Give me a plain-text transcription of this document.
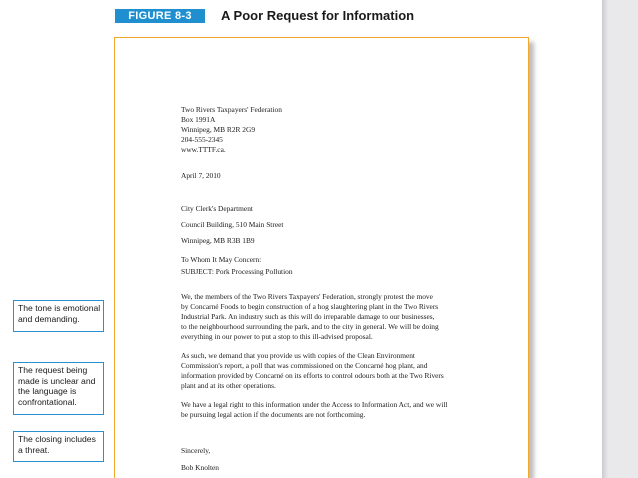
FIGURE 8-3	A Poor Request for Information
Two Rivers Taxpayers' Federation
Box 1991A
Winnipeg, MB R2R 2G9
204-555-2345
www.TTTF.ca.
April 7, 2010
City Clerk's Department
Council Building, 510 Main Street
Winnipeg, MB R3B 1B9
To Whom It May Concern:
SUBJECT: Pork Processing Pollution
We, the members of the Two Rivers Taxpayers' Federation, strongly protest the move
by Concarné Foods to begin construction of a hog slaughtering plant in the Two Rivers
Industrial Park. An industry such as this will do irreparable damage to our businesses,
to the neighbourhood surrounding the park, and to the city in general. We will be doing
everything in our power to put a stop to this ill-advised proposal.
As such, we demand that you provide us with copies of the Clean Environment
Commission's report, a poll that was commissioned on the Concarné hog plant, and
information provided by Concarné on its efforts to control odours both at the Two Rivers
plant and at its other operations.
We have a legal right to this information under the Access to Information Act, and we will
be pursuing legal action if the documents are not forthcoming.
Sincerely,
Bob Knolten
The tone is emotional
and demanding.
The request being
made is unclear and
the language is
confrontational.
The closing includes
a threat.
